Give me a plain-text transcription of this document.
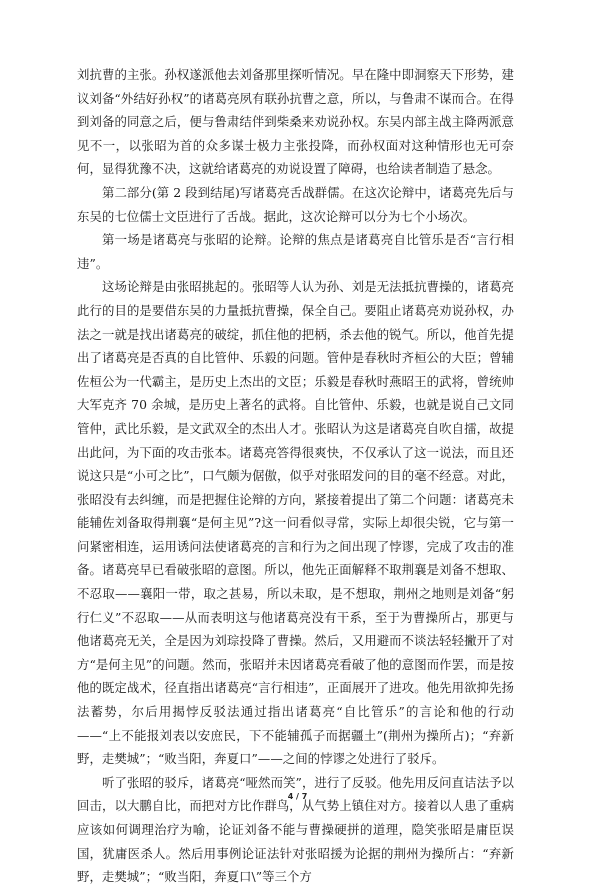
刘抗曹的主张。孙权遂派他去刘备那里探听情况。早在隆中即洞察天下形势，建议刘备“外结好孙权”的诸葛亮夙有联孙抗曹之意，所以，与鲁肃不谋而合。在得到刘备的同意之后，便与鲁肃结伴到柴桑来劝说孙权。东吴内部主战主降两派意见不一，以张昭为首的众多谋士极力主张投降，而孙权面对这种情形也无可奈何，显得犹豫不决，这就给诸葛亮的劝说设置了障碍，也给读者制造了悬念。

第二部分(第 2 段到结尾)写诸葛亮舌战群儒。在这次论辩中，诸葛亮先后与东吴的七位儒士文臣进行了舌战。据此，这次论辩可以分为七个小场次。

第一场是诸葛亮与张昭的论辩。论辩的焦点是诸葛亮自比管乐是否“言行相违”。

这场论辩是由张昭挑起的。张昭等人认为孙、刘是无法抵抗曹操的，诸葛亮此行的目的是要借东吴的力量抵抗曹操，保全自己。要阻止诸葛亮劝说孙权，办法之一就是找出诸葛亮的破绽，抓住他的把柄，杀去他的锐气。所以，他首先提出了诸葛亮是否真的自比管仲、乐毅的问题。管仲是春秋时齐桓公的大臣；曾辅佐桓公为一代霸主，是历史上杰出的文臣；乐毅是春秋时燕昭王的武将，曾统帅大军克齐 70 余城，是历史上著名的武将。自比管仲、乐毅，也就是说自己文同管仲，武比乐毅，是文武双全的杰出人才。张昭认为这是诸葛亮自吹自擂，故提出此问，为下面的攻击张本。诸葛亮答得很爽快，不仅承认了这一说法，而且还说这只是“小可之比”，口气颇为倨傲，似乎对张昭发问的目的毫不经意。对此，张昭没有去纠缠，而是把握住论辩的方向，紧接着提出了第二个问题：诸葛亮未能辅佐刘备取得荆襄“是何主见”?这一问看似寻常，实际上却很尖锐，它与第一问紧密相连，运用诱问法使诸葛亮的言和行为之间出现了悖谬，完成了攻击的准备。诸葛亮早已看破张昭的意图。所以，他先正面解释不取荆襄是刘备不想取、不忍取——襄阳一带，取之甚易，所以未取，是不想取，荆州之地则是刘备“躬行仁义”不忍取——从而表明这与他诸葛亮没有干系，至于为曹操所占，那更与他诸葛亮无关，全是因为刘琮投降了曹操。然后，又用避而不谈法轻轻撇开了对方“是何主见”的问题。然而，张昭并未因诸葛亮看破了他的意图而作罢，而是按他的既定战术，径直指出诸葛亮“言行相违”，正面展开了进攻。他先用欲抑先扬法蓄势，尔后用揭悖反驳法通过指出诸葛亮“自比管乐”的言论和他的行动——“上不能报刘表以安庶民，下不能辅孤子而据疆土”(荆州为操所占)；“弃新野，走樊城”；“败当阳，奔夏口”——之间的悖谬之处进行了驳斥。

听了张昭的驳斥，诸葛亮“哑然而笑”，进行了反驳。他先用反问直诘法予以回击，以大鹏自比，而把对方比作群鸟，从气势上镇住对方。接着以人患了重病应该如何调理治疗为喻，论证刘备不能与曹操硬拼的道理，隐笑张昭是庸臣误国，犹庸医杀人。然后用事例论证法针对张昭援为论据的荆州为操所占：“弃新野，走樊城”；“败当阳，奔夏口\”等三个方

4 / 7
